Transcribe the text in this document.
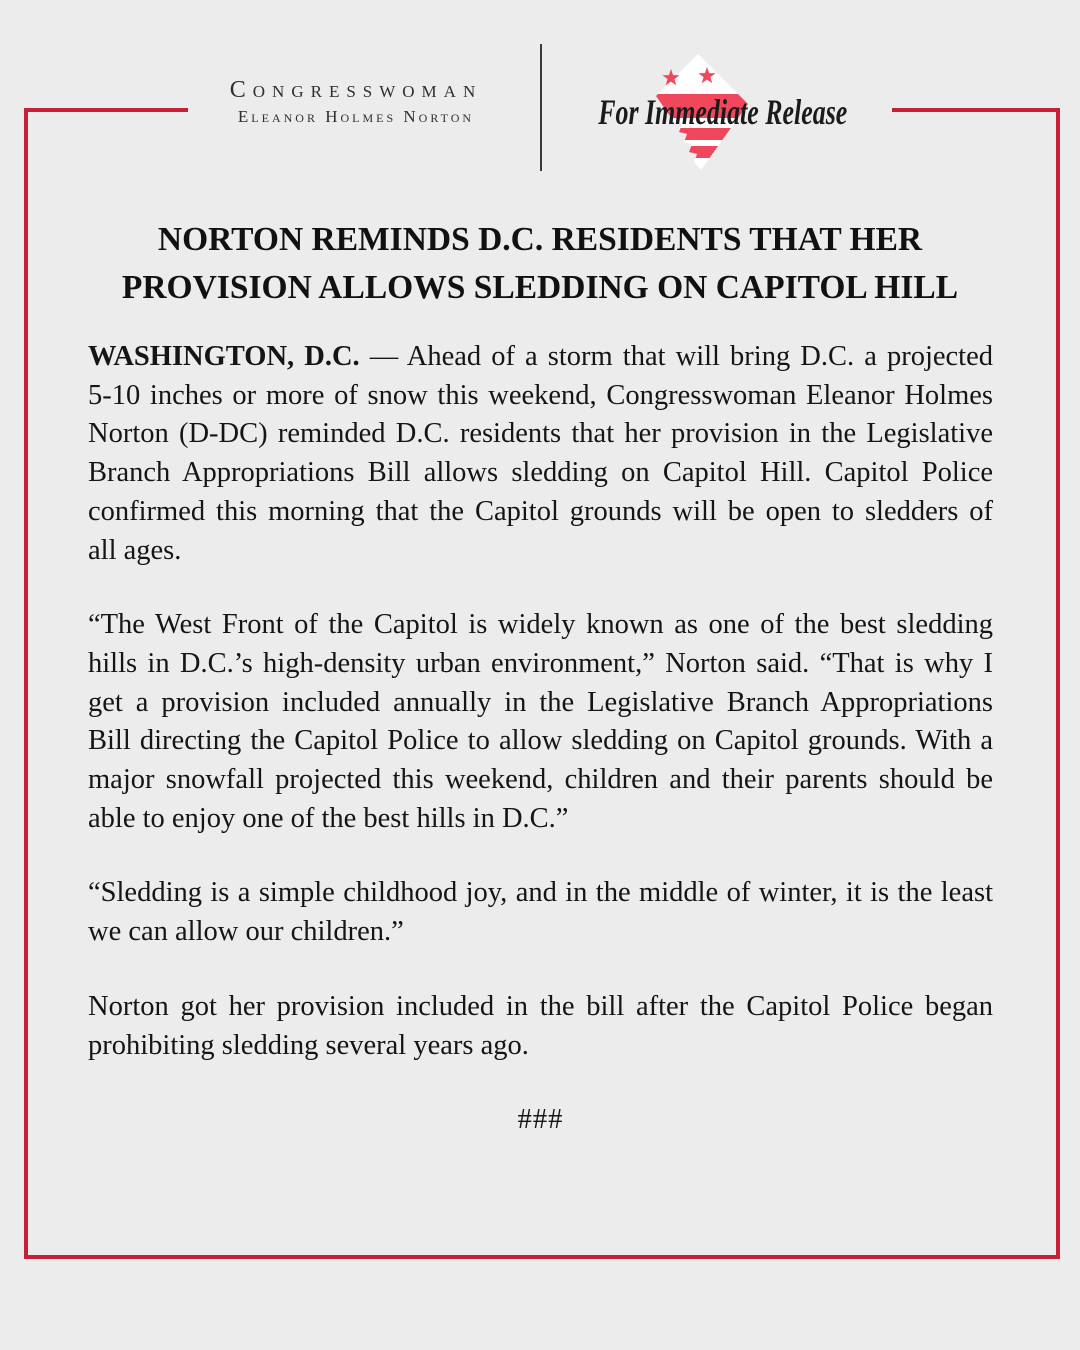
Congresswoman
Eleanor Holmes Norton	For Immediate Release
NORTON REMINDS D.C. RESIDENTS THAT HER
PROVISION ALLOWS SLEDDING ON CAPITOL HILL
WASHINGTON, D.C. — Ahead of a storm that will bring D.C. a projected
5-10 inches or more of snow this weekend, Congresswoman Eleanor Holmes
Norton (D-DC) reminded D.C. residents that her provision in the Legislative
Branch Appropriations Bill allows sledding on Capitol Hill. Capitol Police
confirmed this morning that the Capitol grounds will be open to sledders of
all ages.
“The West Front of the Capitol is widely known as one of the best sledding
hills in D.C.’s high-density urban environment,” Norton said. “That is why I
get a provision included annually in the Legislative Branch Appropriations
Bill directing the Capitol Police to allow sledding on Capitol grounds. With a
major snowfall projected this weekend, children and their parents should be
able to enjoy one of the best hills in D.C.”
“Sledding is a simple childhood joy, and in the middle of winter, it is the least
we can allow our children.”
Norton got her provision included in the bill after the Capitol Police began
prohibiting sledding several years ago.
###
